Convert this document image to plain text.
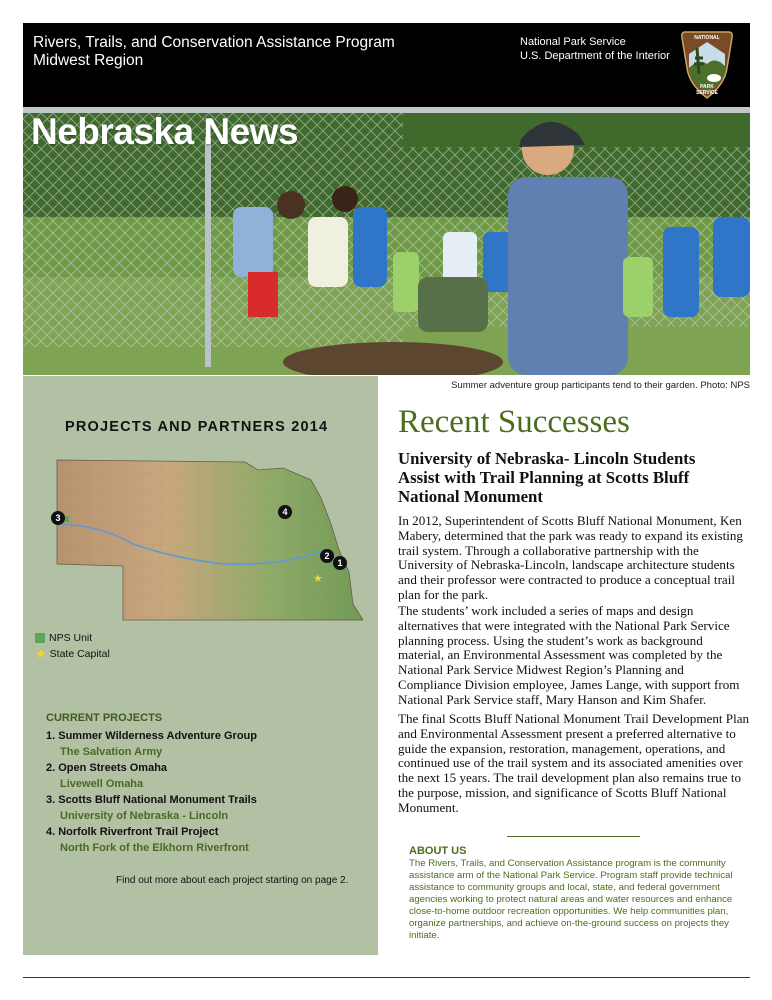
Rivers, Trails, and Conservation Assistance Program
Midwest Region
National Park Service
U.S. Department of the Interior
NATIONAL
PARK
SERVICE
Nebraska News
Summer adventure group participants tend to their garden. Photo: NPS
PROJECTS AND PARTNERS 2014
★
3
4
2
1
NPS Unit
★ State Capital
CURRENT PROJECTS
1. Summer Wilderness Adventure Group
The Salvation Army
2. Open Streets Omaha
Livewell Omaha
3. Scotts Bluff National Monument Trails
University of Nebraska - Lincoln
4. Norfolk Riverfront Trail Project
North Fork of the Elkhorn Riverfront
Find out more about each project starting on page 2.
Recent Successes
University of Nebraska- Lincoln Students Assist with Trail Planning at Scotts Bluff National Monument

In 2012, Superintendent of Scotts Bluff National Monument, Ken Mabery, determined that the park was ready to expand its existing trail system. Through a collaborative partnership with the University of Nebraska-Lincoln, landscape architecture students and their professor were contracted to produce a conceptual trail plan for the park.

The students’ work included a series of maps and design alternatives that were integrated with the National Park Service planning process. Using the student’s work as background material, an Environmental Assessment was completed by the National Park Service Midwest Region’s Planning and Compliance Division employee, James Lange, with support from National Park Service staff, Mary Hanson and Kim Shafer.

The final Scotts Bluff National Monument Trail Development Plan and Environmental Assessment present a preferred alternative to guide the expansion, restoration, management, operations, and continued use of the trail system and its associated amenities over the next 15 years. The trail development plan also remains true to the purpose, mission, and significance of Scotts Bluff National Monument.

ABOUT US
The Rivers, Trails, and Conservation Assistance program is the community assistance arm of the National Park Service. Program staff provide technical assistance to community groups and local, state, and federal government agencies working to protect natural areas and water resources and enhance close-to-home outdoor recreation opportunities. We help communities plan, organize partnerships, and achieve on-the-ground success on projects they initiate.
